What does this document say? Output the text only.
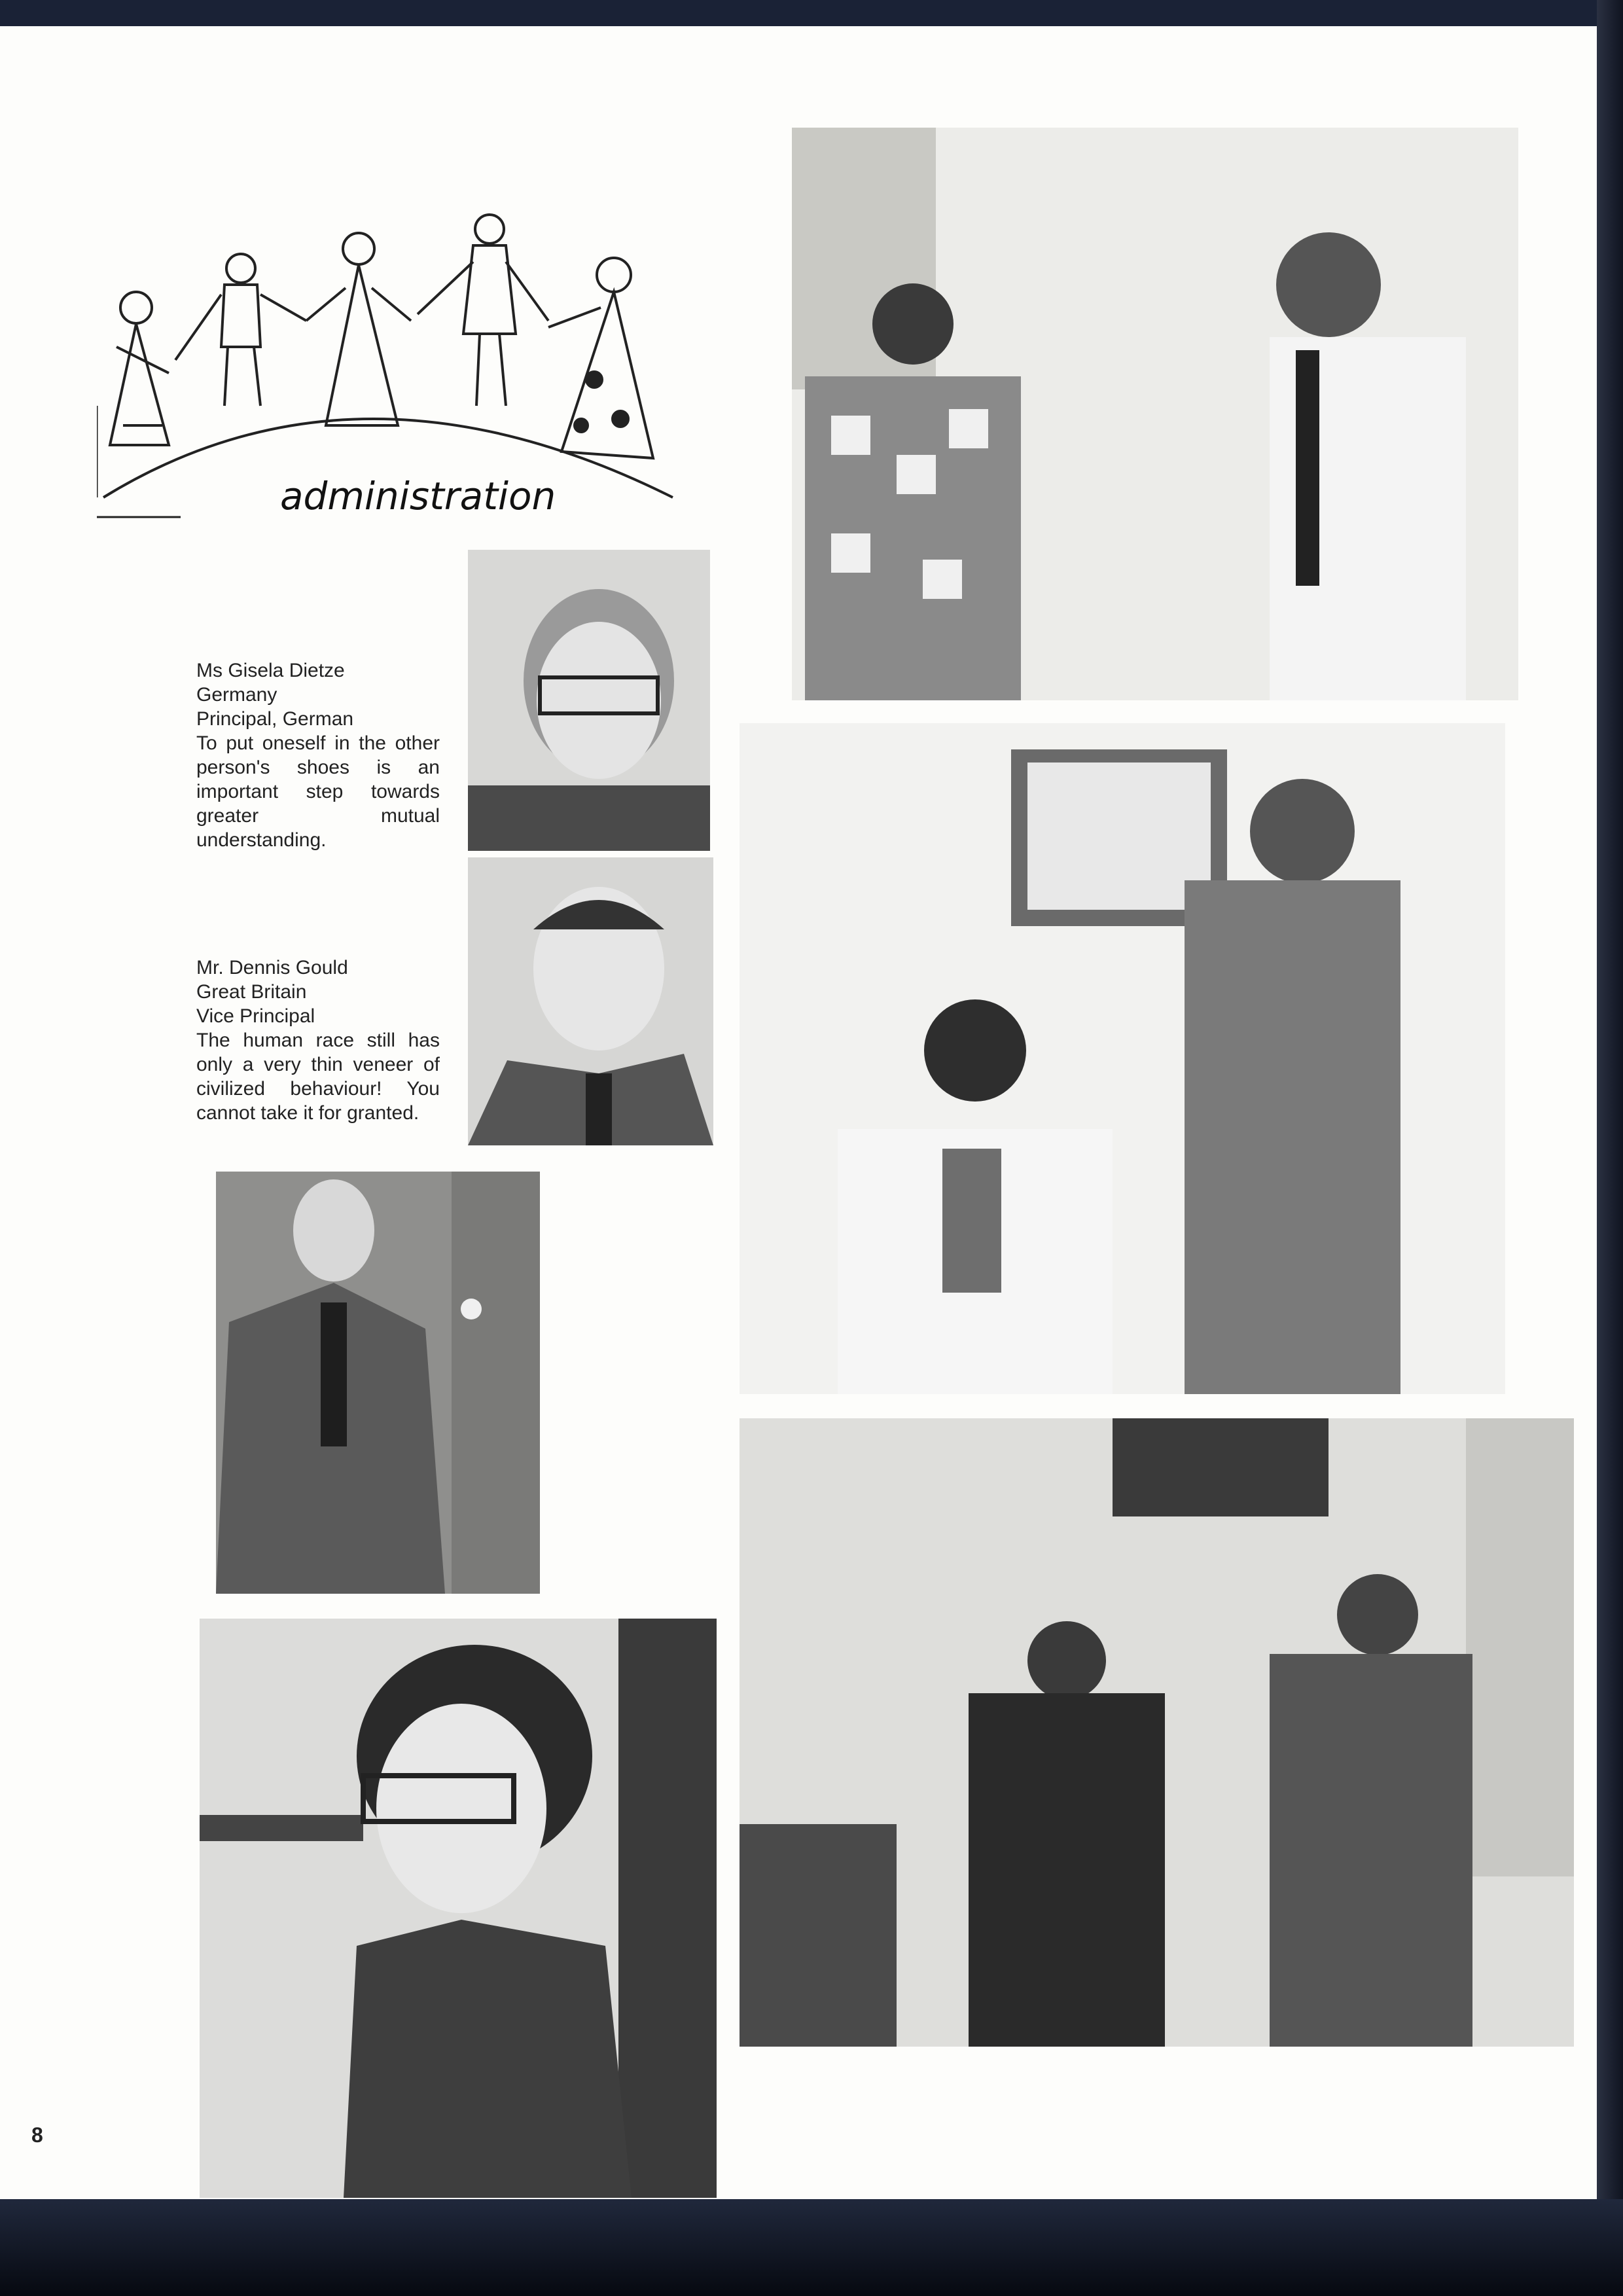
administration
Ms Gisela Dietze
Germany
Principal, German
To put oneself in the other person's shoes is an important step towards greater mutual understanding.
Mr. Dennis Gould
Great Britain
Vice Principal
The human race still has only a very thin veneer of civilized behaviour! You cannot take it for granted.
8
